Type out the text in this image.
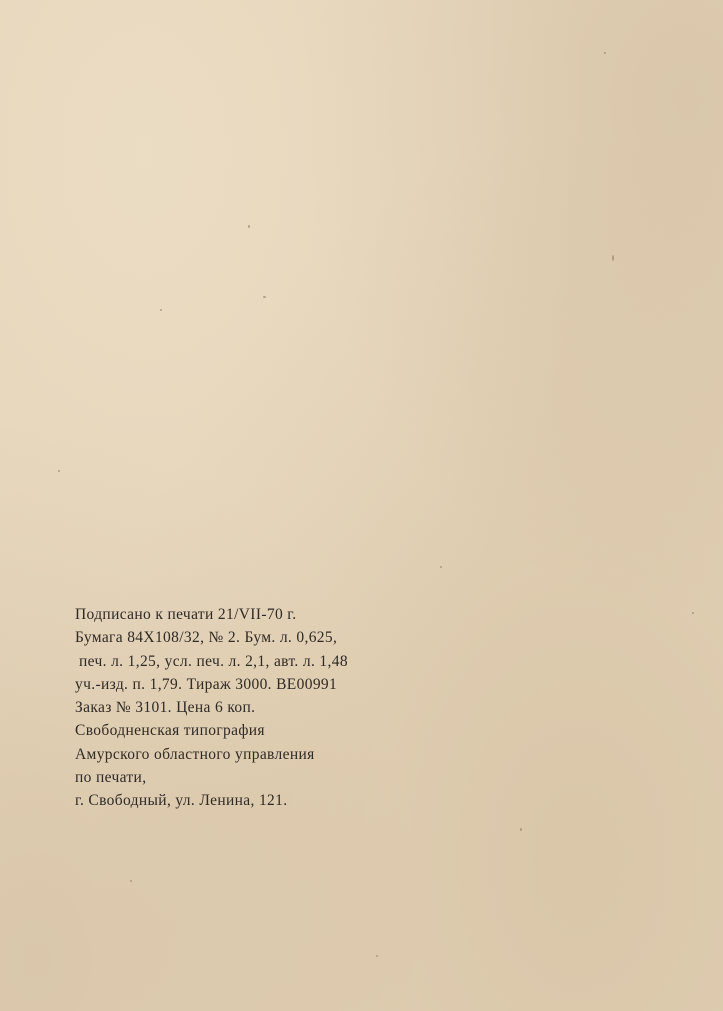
Подписано к печати 21/VII-70 г.
Бумага 84Х108/32, № 2. Бум. л. 0,625,
печ. л. 1,25, усл. печ. л. 2,1, авт. л. 1,48
уч.-изд. п. 1,79. Тираж 3000. ВЕ00991
Заказ № 3101. Цена 6 коп.
Свободненская типография
Амурского областного управления
по печати,
г. Свободный, ул. Ленина, 121.
